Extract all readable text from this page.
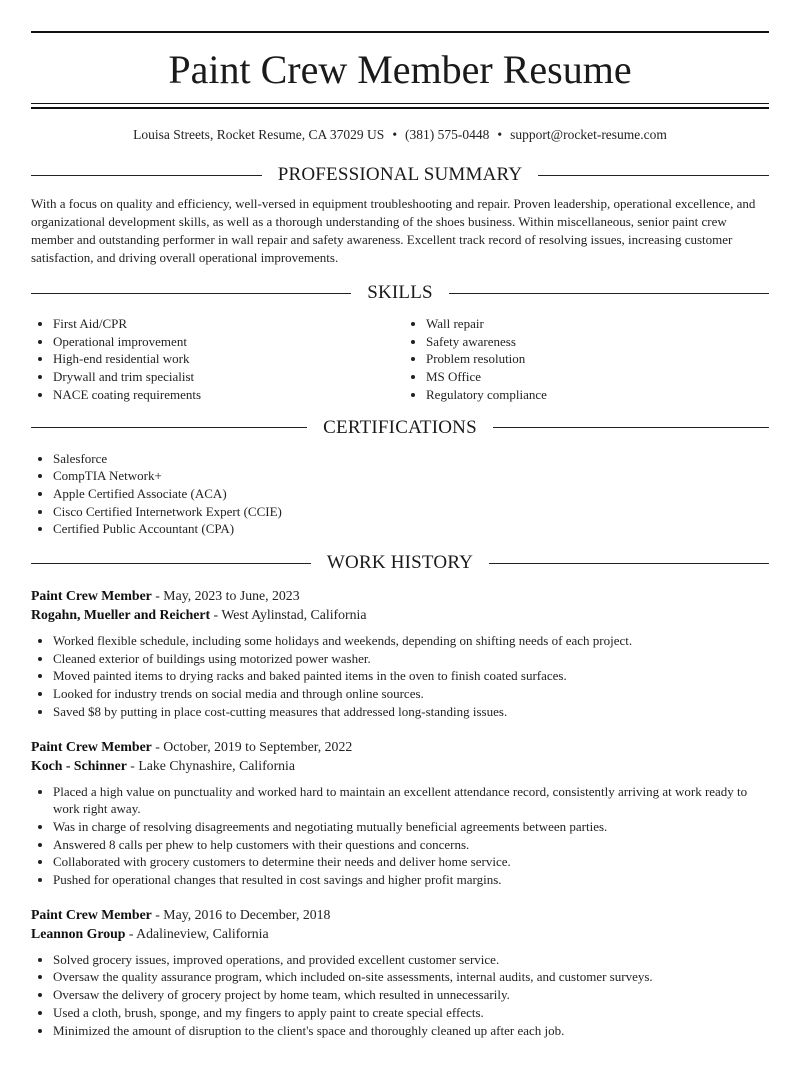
Paint Crew Member Resume
Louisa Streets, Rocket Resume, CA 37029 US • (381) 575-0448 • support@rocket-resume.com
PROFESSIONAL SUMMARY

With a focus on quality and efficiency, well-versed in equipment troubleshooting and repair. Proven leadership, operational excellence, and organizational development skills, as well as a thorough understanding of the shoes business. Within miscellaneous, senior paint crew member and outstanding performer in wall repair and safety awareness. Excellent track record of resolving issues, increasing customer satisfaction, and driving overall operational improvements.

SKILLS
• First Aid/CPR
• Operational improvement
• High-end residential work
• Drywall and trim specialist
• NACE coating requirements
• Wall repair
• Safety awareness
• Problem resolution
• MS Office
• Regulatory compliance
CERTIFICATIONS
• Salesforce
• CompTIA Network+
• Apple Certified Associate (ACA)
• Cisco Certified Internetwork Expert (CCIE)
• Certified Public Accountant (CPA)
WORK HISTORY
Paint Crew Member - May, 2023 to June, 2023
Rogahn, Mueller and Reichert - West Aylinstad, California
• Worked flexible schedule, including some holidays and weekends, depending on shifting needs of each project.
• Cleaned exterior of buildings using motorized power washer.
• Moved painted items to drying racks and baked painted items in the oven to finish coated surfaces.
• Looked for industry trends on social media and through online sources.
• Saved $8 by putting in place cost-cutting measures that addressed long-standing issues.
Paint Crew Member - October, 2019 to September, 2022
Koch - Schinner - Lake Chynashire, California
• Placed a high value on punctuality and worked hard to maintain an excellent attendance record, consistently arriving at work ready to work right away.
• Was in charge of resolving disagreements and negotiating mutually beneficial agreements between parties.
• Answered 8 calls per phew to help customers with their questions and concerns.
• Collaborated with grocery customers to determine their needs and deliver home service.
• Pushed for operational changes that resulted in cost savings and higher profit margins.
Paint Crew Member - May, 2016 to December, 2018
Leannon Group - Adalineview, California
• Solved grocery issues, improved operations, and provided excellent customer service.
• Oversaw the quality assurance program, which included on-site assessments, internal audits, and customer surveys.
• Oversaw the delivery of grocery project by home team, which resulted in unnecessarily.
• Used a cloth, brush, sponge, and my fingers to apply paint to create special effects.
• Minimized the amount of disruption to the client's space and thoroughly cleaned up after each job.
